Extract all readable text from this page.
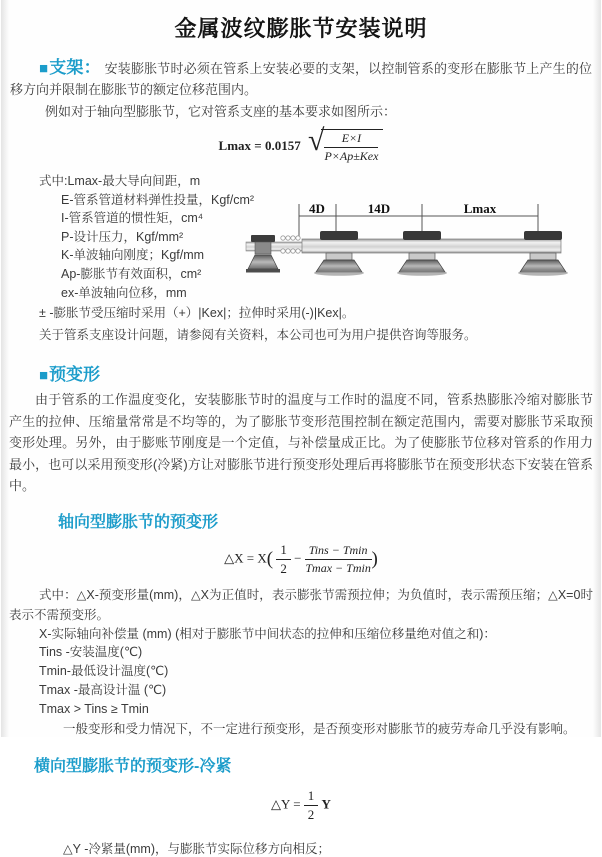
金属波纹膨胀节安装说明

■支架： 安装膨胀节时必须在管系上安装必要的支架，以控制管系的变形在膨胀节上产生的位移方向并限制在膨胀节的额定位移范围内。

例如对于轴向型膨胀节，它对管系支座的基本要求如图所示：

Lmax = 0.0157 √ $\frac{E\times I}{\text{P×Ap±Kex}}$
式中:Lmax-最大导向间距，m
E-管系管道材料弹性投量，Kgf/cm²
I-管系管道的惯性矩，cm⁴
P-设计压力，Kgf/mm²
K-单波轴向刚度；Kgf/mm
Ap-膨胀节有效面积，cm²
ex-单波轴向位移，mm
4D	14D	Lmax

± -膨胀节受压缩时采用（+）|Kex|；拉伸时采用(-)|Kex|。

关于管系支座设计问题，请参阅有关资料，本公司也可为用户提供咨询等服务。

■预变形

由于管系的工作温度变化，安装膨胀节时的温度与工作时的温度不同，管系热膨胀冷缩对膨胀节产生的拉伸、压缩量常常是不均等的，为了膨胀节变形范围控制在额定范围内，需要对膨胀节采取预变形处理。另外，由于膨账节刚度是一个定值，与补偿量成正比。为了使膨胀节位移对管系的作用力最小，也可以采用预变形(冷紧)方让对膨胀节进行预变形处理后再将膨胀节在预变形状态下安装在管系中。

轴向型膨胀节的预变形
△X = $X( \frac{1}{2} - \frac{\text{Tins − Tmin}}{Tmax - Tmin}$ )

式中：△X-预变形量(mm)，△X为正值时，表示膨张节需预拉伸；为负值时，表示需预压缩；△X=0时表示不需预变形。

X-实际轴向补偿量 (mm) (相对于膨胀节中间状态的拉伸和压缩位移量绝对值之和)：
Tins -安装温度(℃)
Tmin-最低设计温度(℃)
Tmax -最高设计温 (℃)
Tmax > Tins ≥ Tmin
一般变形和受力情况下，不一定进行预变形，是否预变形对膨胀节的疲劳寿命几乎没有影响。
横向型膨胀节的预变形-冷紧
△Y = $\frac{1}{2}$ Y
△Y -冷紧量(mm)，与膨胀节实际位移方向相反；
